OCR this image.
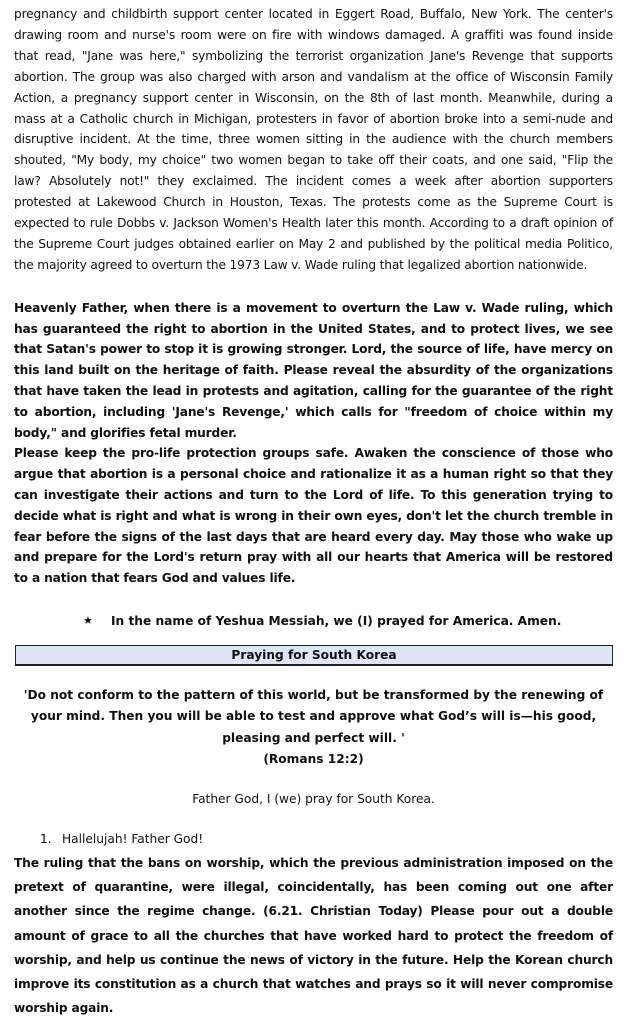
pregnancy and childbirth support center located in Eggert Road, Buffalo, New York. The center's drawing room and nurse's room were on fire with windows damaged. A graffiti was found inside that read, "Jane was here," symbolizing the terrorist organization Jane's Revenge that supports abortion. The group was also charged with arson and vandalism at the office of Wisconsin Family Action, a pregnancy support center in Wisconsin, on the 8th of last month. Meanwhile, during a mass at a Catholic church in Michigan, protesters in favor of abortion broke into a semi-nude and disruptive incident. At the time, three women sitting in the audience with the church members shouted, "My body, my choice" two women began to take off their coats, and one said, "Flip the law? Absolutely not!" they exclaimed. The incident comes a week after abortion supporters protested at Lakewood Church in Houston, Texas. The protests come as the Supreme Court is expected to rule Dobbs v. Jackson Women's Health later this month. According to a draft opinion of the Supreme Court judges obtained earlier on May 2 and published by the political media Politico, the majority agreed to overturn the 1973 Law v. Wade ruling that legalized abortion nationwide.

Heavenly Father, when there is a movement to overturn the Law v. Wade ruling, which has guaranteed the right to abortion in the United States, and to protect lives, we see that Satan's power to stop it is growing stronger. Lord, the source of life, have mercy on this land built on the heritage of faith. Please reveal the absurdity of the organizations that have taken the lead in protests and agitation, calling for the guarantee of the right to abortion, including 'Jane's Revenge,' which calls for "freedom of choice within my body," and glorifies fetal murder.

Please keep the pro-life protection groups safe. Awaken the conscience of those who argue that abortion is a personal choice and rationalize it as a human right so that they can investigate their actions and turn to the Lord of life. To this generation trying to decide what is right and what is wrong in their own eyes, don't let the church tremble in fear before the signs of the last days that are heard every day. May those who wake up and prepare for the Lord's return pray with all our hearts that America will be restored to a nation that fears God and values life.

★	In the name of Yeshua Messiah, we (I) prayed for America. Amen.
Praying for South Korea
'Do not conform to the pattern of this world, but be transformed by the renewing of your mind. Then you will be able to test and approve what God’s will is—his good, pleasing and perfect will. '
(Romans 12:2)

Father God, I (we) pray for South Korea.

1. Hallelujah! Father God!

The ruling that the bans on worship, which the previous administration imposed on the pretext of quarantine, were illegal, coincidentally, has been coming out one after another since the regime change. (6.21. Christian Today) Please pour out a double amount of grace to all the churches that have worked hard to protect the freedom of worship, and help us continue the news of victory in the future. Help the Korean church improve its constitution as a church that watches and prays so it will never compromise worship again.
